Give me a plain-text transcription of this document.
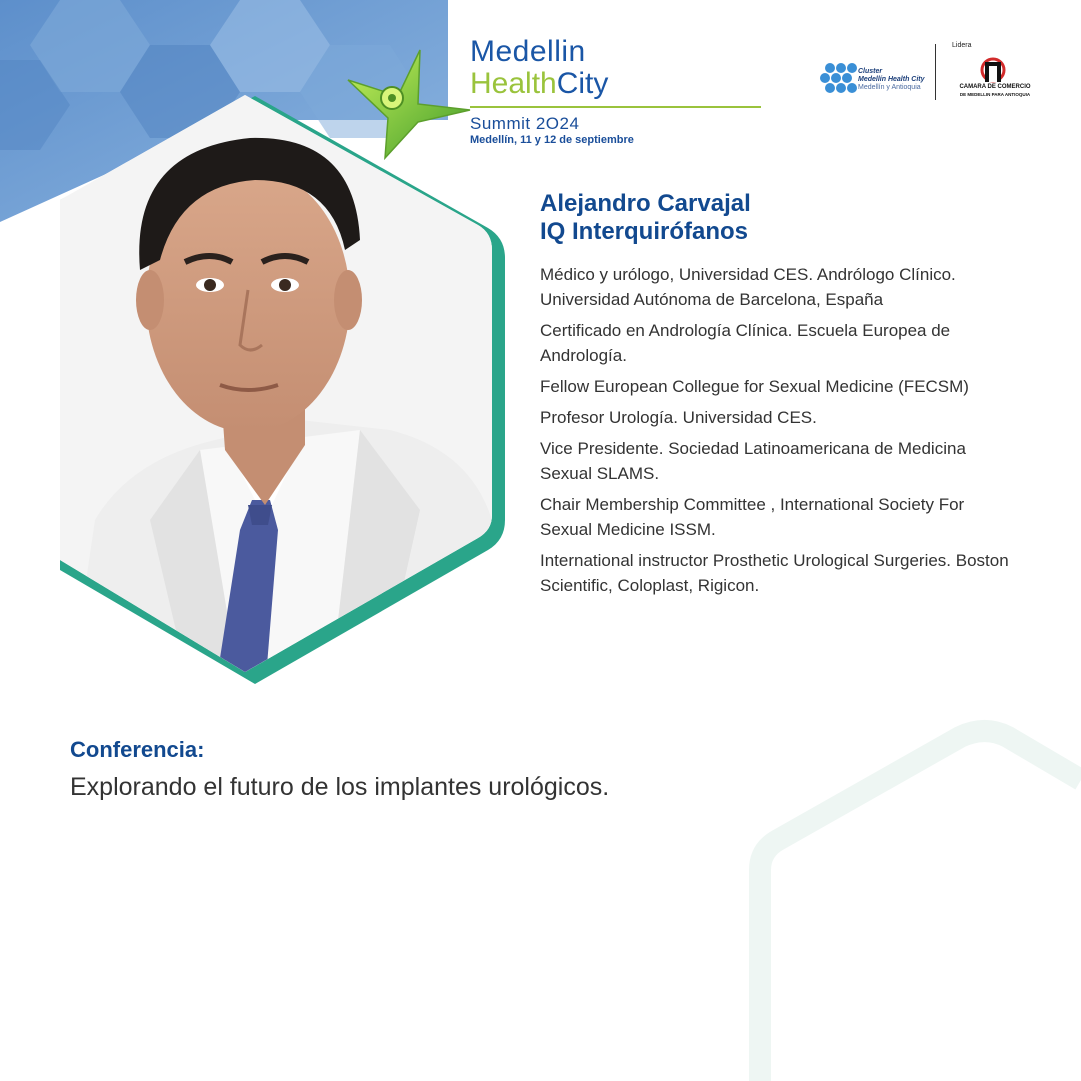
Medellin
HealthCity
Summit 2O24
Medellín, 11 y 12 de septiembre
Cluster
Medellín Health City
Medellín y Antioquia
Lidera
CAMARA DE COMERCIO
DE MEDELLIN PARA ANTIOQUIA
Alejandro Carvajal
IQ Interquirófanos

Médico y urólogo, Universidad CES. Andrólogo Clínico. Universidad Autónoma de Barcelona, España

Certificado en Andrología Clínica. Escuela Europea de Andrología.

Fellow European Collegue for Sexual Medicine (FECSM)

Profesor Urología. Universidad CES.

Vice Presidente. Sociedad Latinoamericana de Medicina Sexual SLAMS.

Chair Membership Committee , International Society For Sexual Medicine ISSM.

International instructor Prosthetic Urological Surgeries. Boston Scientific, Coloplast, Rigicon.

Conferencia:
Explorando el futuro de los implantes urológicos.
